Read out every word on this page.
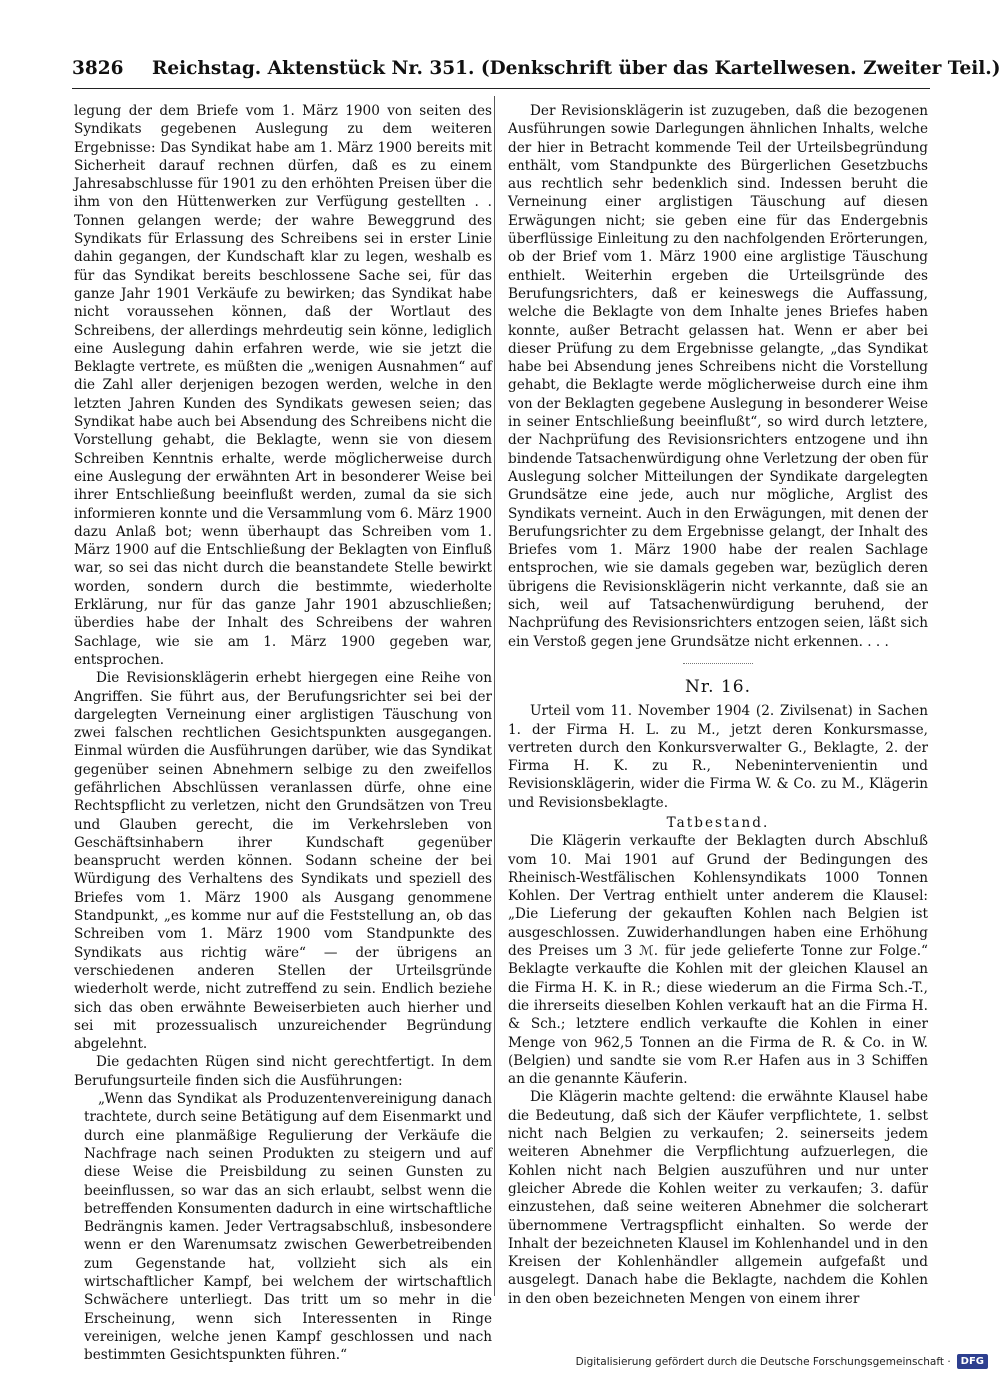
3826 Reichstag. Aktenstück Nr. 351. (Denkschrift über das Kartellwesen. Zweiter Teil.)

legung der dem Briefe vom 1. März 1900 von seiten des Syndikats gegebenen Auslegung zu dem weiteren Ergebnisse: Das Syndikat habe am 1. März 1900 bereits mit Sicherheit darauf rechnen dürfen, daß es zu einem Jahresabschlusse für 1901 zu den erhöhten Preisen über die ihm von den Hüttenwerken zur Verfügung gestellten . . Tonnen gelangen werde; der wahre Beweggrund des Syndikats für Erlassung des Schreibens sei in erster Linie dahin gegangen, der Kundschaft klar zu legen, weshalb es für das Syndikat bereits beschlossene Sache sei, für das ganze Jahr 1901 Verkäufe zu bewirken; das Syndikat habe nicht voraussehen können, daß der Wortlaut des Schreibens, der allerdings mehrdeutig sein könne, lediglich eine Auslegung dahin erfahren werde, wie sie jetzt die Beklagte vertrete, es müßten die „wenigen Ausnahmen“ auf die Zahl aller derjenigen bezogen werden, welche in den letzten Jahren Kunden des Syndikats gewesen seien; das Syndikat habe auch bei Absendung des Schreibens nicht die Vorstellung gehabt, die Beklagte, wenn sie von diesem Schreiben Kenntnis erhalte, werde möglicherweise durch eine Auslegung der erwähnten Art in besonderer Weise bei ihrer Entschließung beeinflußt werden, zumal da sie sich informieren konnte und die Versammlung vom 6. März 1900 dazu Anlaß bot; wenn überhaupt das Schreiben vom 1. März 1900 auf die Entschließung der Beklagten von Einfluß war, so sei das nicht durch die beanstandete Stelle bewirkt worden, sondern durch die bestimmte, wiederholte Erklärung, nur für das ganze Jahr 1901 abzuschließen; überdies habe der Inhalt des Schreibens der wahren Sachlage, wie sie am 1. März 1900 gegeben war, entsprochen.

Die Revisionsklägerin erhebt hiergegen eine Reihe von Angriffen. Sie führt aus, der Berufungsrichter sei bei der dargelegten Verneinung einer arglistigen Täuschung von zwei falschen rechtlichen Gesichtspunkten ausgegangen. Einmal würden die Ausführungen darüber, wie das Syndikat gegenüber seinen Abnehmern selbige zu den zweifellos gefährlichen Abschlüssen veranlassen dürfe, ohne eine Rechtspflicht zu verletzen, nicht den Grundsätzen von Treu und Glauben gerecht, die im Verkehrsleben von Geschäftsinhabern ihrer Kundschaft gegenüber beansprucht werden können. Sodann scheine der bei Würdigung des Verhaltens des Syndikats und speziell des Briefes vom 1. März 1900 als Ausgang genommene Standpunkt, „es komme nur auf die Feststellung an, ob das Schreiben vom 1. März 1900 vom Standpunkte des Syndikats aus richtig wäre“ — der übrigens an verschiedenen anderen Stellen der Urteilsgründe wiederholt werde, nicht zutreffend zu sein. Endlich beziehe sich das oben erwähnte Beweiserbieten auch hierher und sei mit prozessualisch unzureichender Begründung abgelehnt.

Die gedachten Rügen sind nicht gerechtfertigt. In dem Berufungsurteile finden sich die Ausführungen:

„Wenn das Syndikat als Produzentenvereinigung danach trachtete, durch seine Betätigung auf dem Eisenmarkt und durch eine planmäßige Regulierung der Verkäufe die Nachfrage nach seinen Produkten zu steigern und auf diese Weise die Preisbildung zu seinen Gunsten zu beeinflussen, so war das an sich erlaubt, selbst wenn die betreffenden Konsumenten dadurch in eine wirtschaftliche Bedrängnis kamen. Jeder Vertragsabschluß, insbesondere wenn er den Warenumsatz zwischen Gewerbetreibenden zum Gegenstande hat, vollzieht sich als ein wirtschaftlicher Kampf, bei welchem der wirtschaftlich Schwächere unterliegt. Das tritt um so mehr in die Erscheinung, wenn sich Interessenten in Ringe vereinigen, welche jenen Kampf geschlossen und nach bestimmten Gesichtspunkten führen.“

Der Revisionsklägerin ist zuzugeben, daß die bezogenen Ausführungen sowie Darlegungen ähnlichen Inhalts, welche der hier in Betracht kommende Teil der Urteilsbegründung enthält, vom Standpunkte des Bürgerlichen Gesetzbuchs aus rechtlich sehr bedenklich sind. Indessen beruht die Verneinung einer arglistigen Täuschung auf diesen Erwägungen nicht; sie geben eine für das Endergebnis überflüssige Einleitung zu den nachfolgenden Erörterungen, ob der Brief vom 1. März 1900 eine arglistige Täuschung enthielt. Weiterhin ergeben die Urteilsgründe des Berufungsrichters, daß er keineswegs die Auffassung, welche die Beklagte von dem Inhalte jenes Briefes haben konnte, außer Betracht gelassen hat. Wenn er aber bei dieser Prüfung zu dem Ergebnisse gelangte, „das Syndikat habe bei Absendung jenes Schreibens nicht die Vorstellung gehabt, die Beklagte werde möglicherweise durch eine ihm von der Beklagten gegebene Auslegung in besonderer Weise in seiner Entschließung beeinflußt“, so wird durch letztere, der Nachprüfung des Revisionsrichters entzogene und ihn bindende Tatsachenwürdigung ohne Verletzung der oben für Auslegung solcher Mitteilungen der Syndikate dargelegten Grundsätze eine jede, auch nur mögliche, Arglist des Syndikats verneint. Auch in den Erwägungen, mit denen der Berufungsrichter zu dem Ergebnisse gelangt, der Inhalt des Briefes vom 1. März 1900 habe der realen Sachlage entsprochen, wie sie damals gegeben war, bezüglich deren übrigens die Revisionsklägerin nicht verkannte, daß sie an sich, weil auf Tatsachenwürdigung beruhend, der Nachprüfung des Revisionsrichters entzogen seien, läßt sich ein Verstoß gegen jene Grundsätze nicht erkennen. . . .

Nr. 16.

Urteil vom 11. November 1904 (2. Zivilsenat) in Sachen 1. der Firma H. L. zu M., jetzt deren Konkursmasse, vertreten durch den Konkursverwalter G., Beklagte, 2. der Firma H. K. zu R., Nebenintervenientin und Revisionsklägerin, wider die Firma W. & Co. zu M., Klägerin und Revisionsbeklagte.

Tatbestand.

Die Klägerin verkaufte der Beklagten durch Abschluß vom 10. Mai 1901 auf Grund der Bedingungen des Rheinisch-Westfälischen Kohlensyndikats 1000 Tonnen Kohlen. Der Vertrag enthielt unter anderem die Klausel: „Die Lieferung der gekauften Kohlen nach Belgien ist ausgeschlossen. Zuwiderhandlungen haben eine Erhöhung des Preises um 3 ℳ. für jede gelieferte Tonne zur Folge.“ Beklagte verkaufte die Kohlen mit der gleichen Klausel an die Firma H. K. in R.; diese wiederum an die Firma Sch.-T., die ihrerseits dieselben Kohlen verkauft hat an die Firma H. & Sch.; letztere endlich verkaufte die Kohlen in einer Menge von 962,5 Tonnen an die Firma de R. & Co. in W. (Belgien) und sandte sie vom R.er Hafen aus in 3 Schiffen an die genannte Käuferin.

Die Klägerin machte geltend: die erwähnte Klausel habe die Bedeutung, daß sich der Käufer verpflichtete, 1. selbst nicht nach Belgien zu verkaufen; 2. seinerseits jedem weiteren Abnehmer die Verpflichtung aufzuerlegen, die Kohlen nicht nach Belgien auszuführen und nur unter gleicher Abrede die Kohlen weiter zu verkaufen; 3. dafür einzustehen, daß seine weiteren Abnehmer die solcherart übernommene Vertragspflicht einhalten. So werde der Inhalt der bezeichneten Klausel im Kohlenhandel und in den Kreisen der Kohlenhändler allgemein aufgefaßt und ausgelegt. Danach habe die Beklagte, nachdem die Kohlen in den oben bezeichneten Mengen von einem ihrer

Digitalisierung gefördert durch die Deutsche Forschungsgemeinschaft ·	DFG
